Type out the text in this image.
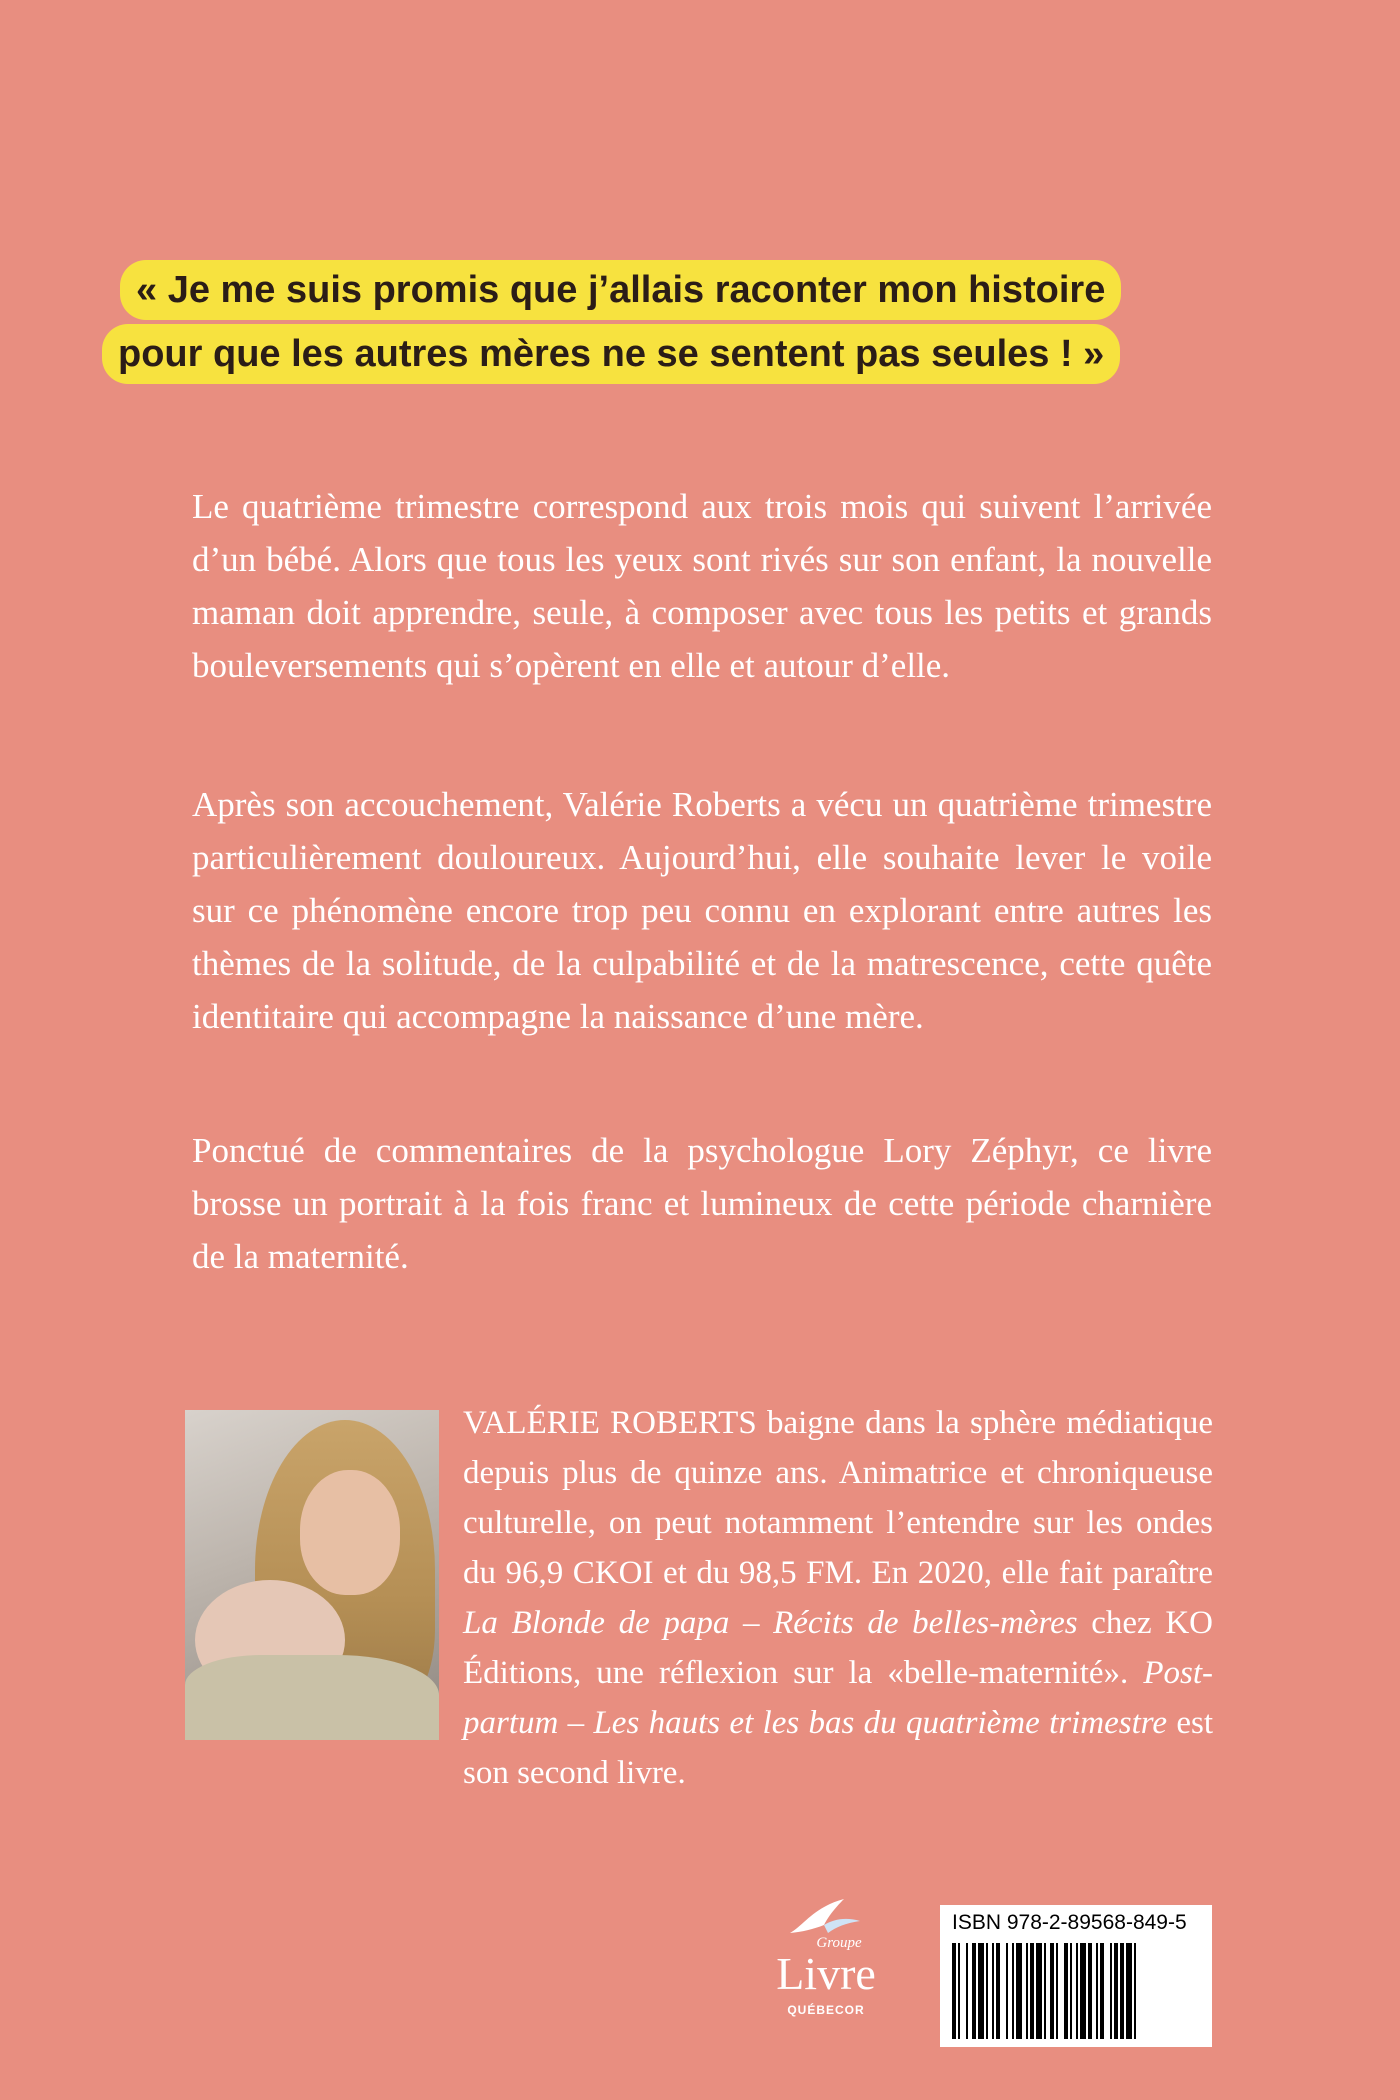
« Je me suis promis que j’allais raconter mon histoire
pour que les autres mères ne se sentent pas seules ! »

Le quatrième trimestre correspond aux trois mois qui suivent l’arrivée d’un bébé. Alors que tous les yeux sont rivés sur son enfant, la nouvelle maman doit apprendre, seule, à composer avec tous les petits et grands bouleversements qui s’opèrent en elle et autour d’elle.

Après son accouchement, Valérie Roberts a vécu un quatrième trimestre particulièrement douloureux. Aujourd’hui, elle souhaite lever le voile sur ce phénomène encore trop peu connu en explorant entre autres les thèmes de la solitude, de la culpabilité et de la matrescence, cette quête identitaire qui accompagne la naissance d’une mère.

Ponctué de commentaires de la psychologue Lory Zéphyr, ce livre brosse un portrait à la fois franc et lumineux de cette période charnière de la maternité.

VALÉRIE ROBERTS baigne dans la sphère médiatique depuis plus de quinze ans. Animatrice et chroniqueuse culturelle, on peut notamment l’entendre sur les ondes du 96,9 CKOI et du 98,5 FM. En 2020, elle fait paraître La Blonde de papa – Récits de belles-mères chez KO Éditions, une réflexion sur la «belle-maternité». Post-partum – Les hauts et les bas du quatrième trimestre est son second livre.

Groupe
Livre
QUÉBECOR
ISBN 978-2-89568-849-5
